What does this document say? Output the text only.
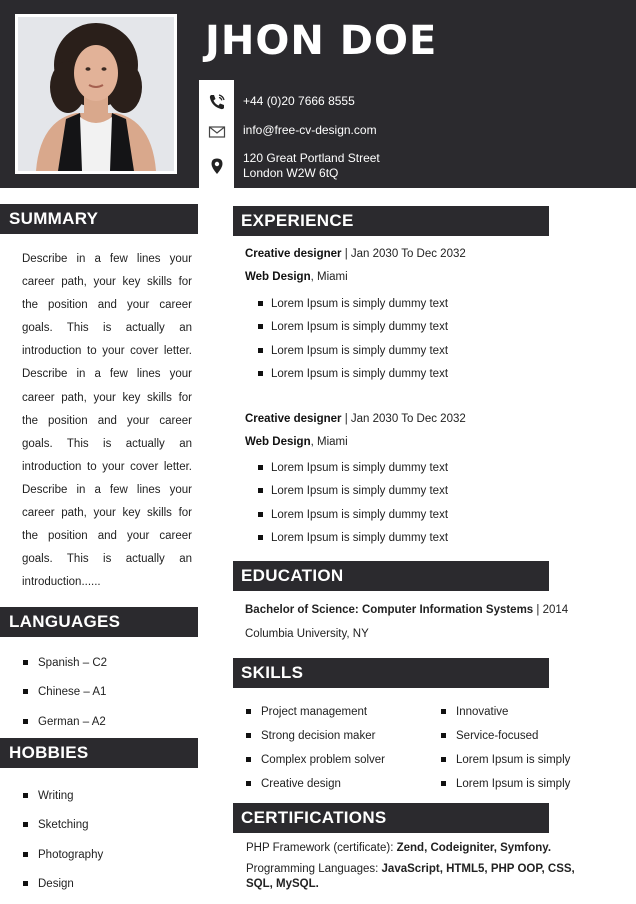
JHON DOE
+44 (0)20 7666 8555
info@free-cv-design.com
120 Great Portland Street
London W2W 6tQ
SUMMARY
Describe in a few lines your career path, your key skills for the position and your career goals. This is actually an introduction to your cover letter. Describe in a few lines your career path, your key skills for the position and your career goals. This is actually an introduction to your cover letter. Describe in a few lines your career path, your key skills for the position and your career goals. This is actually an introduction......
LANGUAGES
Spanish – C2
Chinese – A1
German – A2
HOBBIES
Writing
Sketching
Photography
Design
EXPERIENCE
Creative designer | Jan 2030 To Dec 2032
Web Design, Miami
Lorem Ipsum is simply dummy text
Lorem Ipsum is simply dummy text
Lorem Ipsum is simply dummy text
Lorem Ipsum is simply dummy text
Creative designer | Jan 2030 To Dec 2032
Web Design, Miami
Lorem Ipsum is simply dummy text
Lorem Ipsum is simply dummy text
Lorem Ipsum is simply dummy text
Lorem Ipsum is simply dummy text
EDUCATION
Bachelor of Science: Computer Information Systems | 2014
Columbia University, NY
SKILLS
Project management
Strong decision maker
Complex problem solver
Creative design
Innovative
Service-focused
Lorem Ipsum is simply
Lorem Ipsum is simply
CERTIFICATIONS
PHP Framework (certificate): Zend, Codeigniter, Symfony.
Programming Languages: JavaScript, HTML5, PHP OOP, CSS, SQL, MySQL.
